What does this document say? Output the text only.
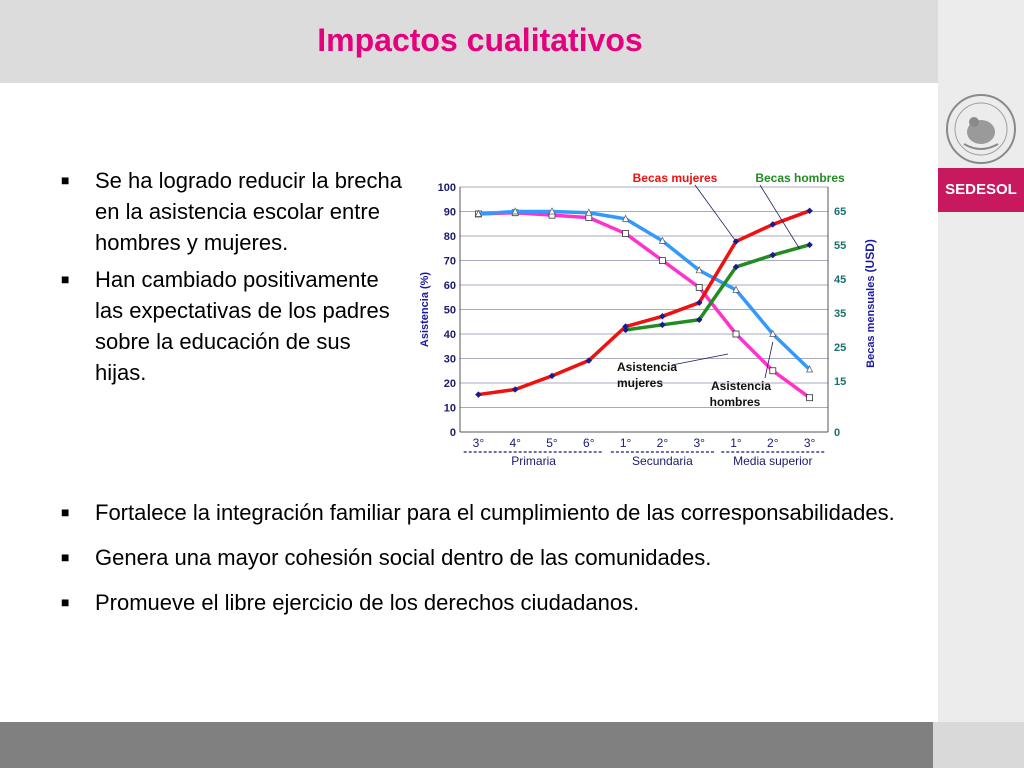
Impactos cualitativos
SEDESOL
■ Se ha logrado reducir la brecha en la asistencia escolar entre hombres y mujeres.
■ Han cambiado positivamente las expectativas de los padres sobre la educación de sus hijas.
0
10
20
30
40
50
60
70
80
90
100
0
15
25
35
45
55
65
3° 4° 5° 6° 1° 2° 3° 1° 2° 3°
Primaria	Secundaria	Media superior
Asistencia (%)	Becas mensuales (USD)
Becas mujeres	Becas hombres
Asistencia
mujeres	Asistencia
hombres
■ Fortalece la integración familiar para el cumplimiento de las corresponsabilidades.
■ Genera una mayor cohesión social dentro de las comunidades.
■ Promueve el libre ejercicio de los derechos ciudadanos.
